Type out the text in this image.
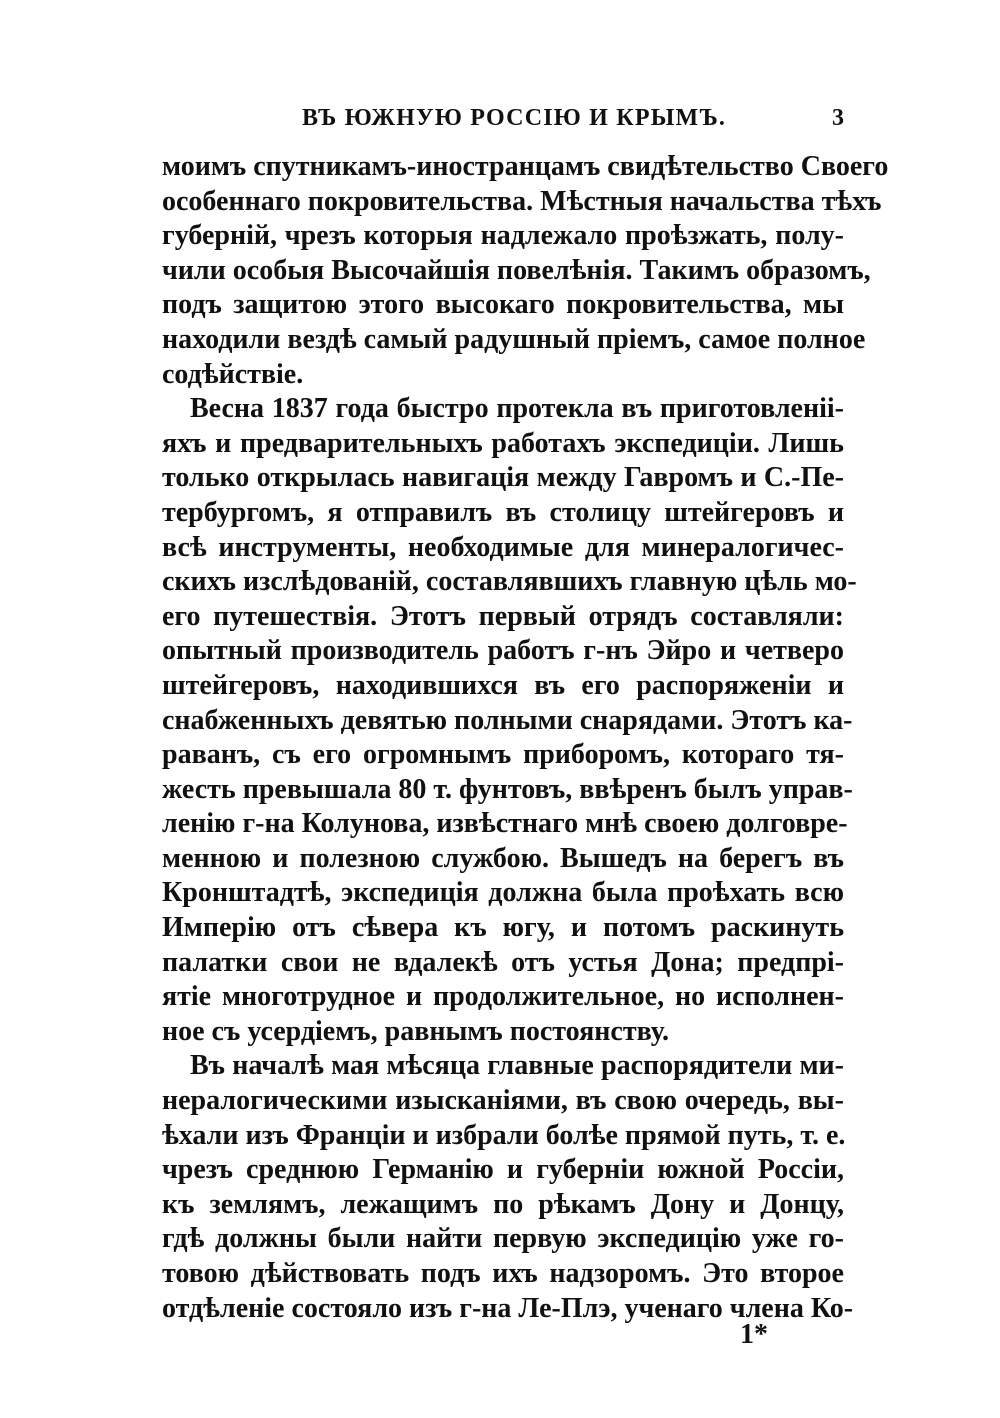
ВЪ ЮЖНУЮ РОССІЮ И КРЫМЪ.	3
моимъ спутникамъ-иностранцамъ свидѣтельство Своего
особеннаго покровительства. Мѣстныя начальства тѣхъ
губерній, чрезъ которыя надлежало проѣзжать, полу-
чили особыя Высочайшія повелѣнія. Такимъ образомъ,
подъ защитою этого высокаго покровительства, мы
находили вездѣ самый радушный пріемъ, самое полное
содѣйствіе.
Весна 1837 года быстро протекла въ приготовленіі-
яхъ и предварительныхъ работахъ экспедиціи. Лишь
только открылась навигація между Гавромъ и С.-Пе-
тербургомъ, я отправилъ въ столицу штейгеровъ и
всѣ инструменты, необходимые для минералогичес-
скихъ изслѣдованій, составлявшихъ главную цѣль мо-
его путешествія. Этотъ первый отрядъ составляли:
опытный производитель работъ г-нъ Эйро и четверо
штейгеровъ, находившихся въ его распоряженіи и
снабженныхъ девятью полными снарядами. Этотъ ка-
раванъ, съ его огромнымъ приборомъ, котораго тя-
жесть превышала 80 т. фунтовъ, ввѣренъ былъ управ-
ленію г-на Колунова, извѣстнаго мнѣ своею долговре-
менною и полезною службою. Вышедъ на берегъ въ
Кронштадтѣ, экспедиція должна была проѣхать всю
Имперію отъ сѣвера къ югу, и потомъ раскинуть
палатки свои не вдалекѣ отъ устья Дона; предпрі-
ятіе многотрудное и продолжительное, но исполнен-
ное съ усердіемъ, равнымъ постоянству.
Въ началѣ мая мѣсяца главные распорядители ми-
нералогическими изысканіями, въ свою очередь, вы-
ѣхали изъ Франціи и избрали болѣе прямой путь, т. е.
чрезъ среднюю Германію и губерніи южной Россіи,
къ землямъ, лежащимъ по рѣкамъ Дону и Донцу,
гдѣ должны были найти первую экспедицію уже го-
товою дѣйствовать подъ ихъ надзоромъ. Это второе
отдѣленіе состояло изъ г-на Ле-Плэ, ученаго члена Ко-
1*
